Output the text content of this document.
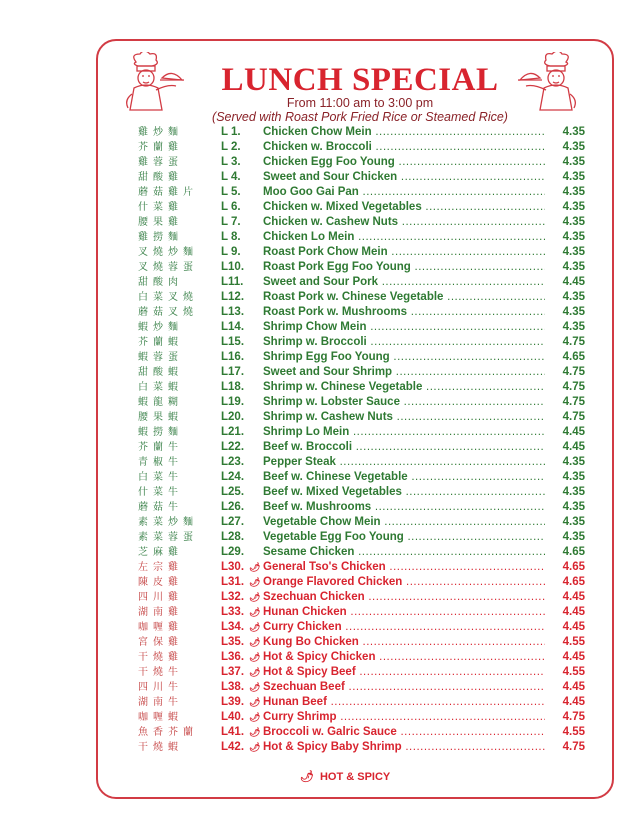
LUNCH SPECIAL
From 11:00 am to 3:00 pm
(Served with Roast Pork Fried Rice or Steamed Rice)
雞炒麵	L 1.	Chicken Chow Mein .....	4.35
芥蘭雞	L 2.	Chicken w. Broccoli .....	4.35
雞蓉蛋	L 3.	Chicken Egg Foo Young .....	4.35
甜酸雞	L 4.	Sweet and Sour Chicken .....	4.35
蘑菇雞片	L 5.	Moo Goo Gai Pan .....	4.35
什菜雞	L 6.	Chicken w. Mixed Vegetables .....	4.35
腰果雞	L 7.	Chicken w. Cashew Nuts .....	4.35
雞撈麵	L 8.	Chicken Lo Mein .....	4.35
叉燒炒麵	L 9.	Roast Pork Chow Mein .....	4.35
叉燒蓉蛋	L10.	Roast Pork Egg Foo Young .....	4.35
甜酸肉	L11.	Sweet and Sour Pork .....	4.45
白菜叉燒	L12.	Roast Pork w. Chinese Vegetable .....	4.35
蘑菇叉燒	L13.	Roast Pork w. Mushrooms .....	4.35
蝦炒麵	L14.	Shrimp Chow Mein .....	4.35
芥蘭蝦	L15.	Shrimp w. Broccoli .....	4.75
蝦蓉蛋	L16.	Shrimp Egg Foo Young .....	4.65
甜酸蝦	L17.	Sweet and Sour Shrimp .....	4.75
白菜蝦	L18.	Shrimp w. Chinese Vegetable .....	4.75
蝦龍糊	L19.	Shrimp w. Lobster Sauce .....	4.75
腰果蝦	L20.	Shrimp w. Cashew Nuts .....	4.75
蝦撈麵	L21.	Shrimp Lo Mein .....	4.45
芥蘭牛	L22.	Beef w. Broccoli .....	4.45
青椒牛	L23.	Pepper Steak .....	4.35
白菜牛	L24.	Beef w. Chinese Vegetable .....	4.35
什菜牛	L25.	Beef w. Mixed Vegetables .....	4.35
蘑菇牛	L26.	Beef w. Mushrooms .....	4.35
素菜炒麵	L27.	Vegetable Chow Mein .....	4.35
素菜蓉蛋	L28.	Vegetable Egg Foo Young .....	4.35
芝麻雞	L29.	Sesame Chicken .....	4.65
左宗雞	L30. 🌶︎ General Tso's Chicken .....	4.65
陳皮雞	L31. 🌶︎ Orange Flavored Chicken .....	4.65
四川雞	L32. 🌶︎ Szechuan Chicken .....	4.45
湖南雞	L33. 🌶︎ Hunan Chicken .....	4.45
咖喱雞	L34. 🌶︎ Curry Chicken .....	4.45
宮保雞	L35. 🌶︎ Kung Bo Chicken .....	4.55
干燒雞	L36. 🌶︎ Hot & Spicy Chicken .....	4.45
干燒牛	L37. 🌶︎ Hot & Spicy Beef .....	4.55
四川牛	L38. 🌶︎ Szechuan Beef .....	4.45
湖南牛	L39. 🌶︎ Hunan Beef .....	4.45
咖喱蝦	L40. 🌶︎ Curry Shrimp .....	4.75
魚香芥蘭	L41. 🌶︎ Broccoli w. Galric Sauce .....	4.55
干燒蝦	L42. 🌶︎ Hot & Spicy Baby Shrimp .....	4.75
🌶︎ HOT & SPICY
